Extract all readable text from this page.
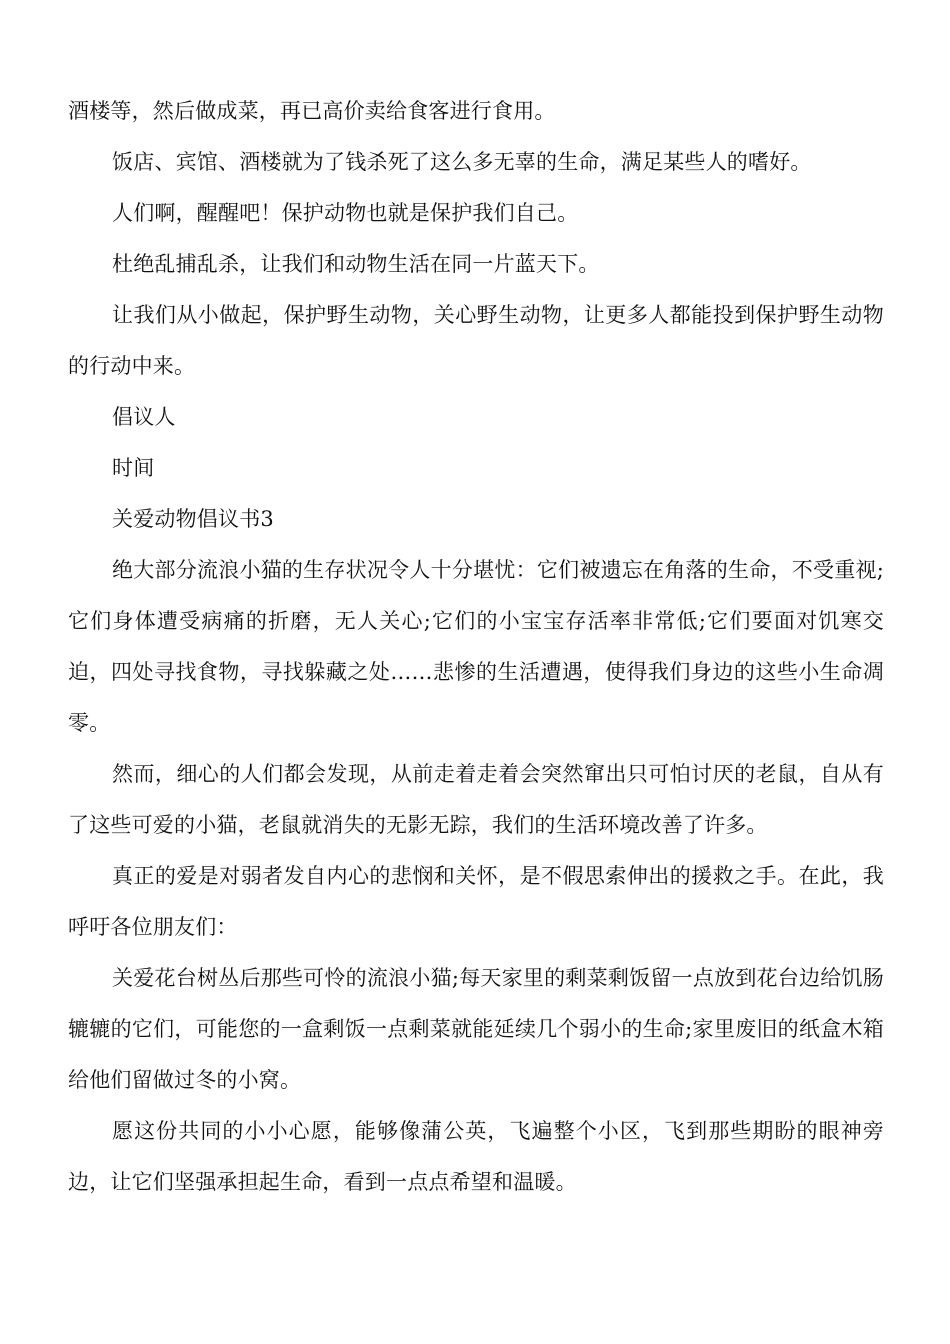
酒楼等，然后做成菜，再已高价卖给食客进行食用。

饭店、宾馆、酒楼就为了钱杀死了这么多无辜的生命，满足某些人的嗜好。

人们啊，醒醒吧！保护动物也就是保护我们自己。

杜绝乱捕乱杀，让我们和动物生活在同一片蓝天下。

让我们从小做起，保护野生动物，关心野生动物，让更多人都能投到保护野生动物的行动中来。

倡议人

时间

关爱动物倡议书3

绝大部分流浪小猫的生存状况令人十分堪忧：它们被遗忘在角落的生命，不受重视;它们身体遭受病痛的折磨，无人关心;它们的小宝宝存活率非常低;它们要面对饥寒交迫，四处寻找食物，寻找躲藏之处……悲惨的生活遭遇，使得我们身边的这些小生命凋零。

然而，细心的人们都会发现，从前走着走着会突然窜出只可怕讨厌的老鼠，自从有了这些可爱的小猫，老鼠就消失的无影无踪，我们的生活环境改善了许多。

真正的爱是对弱者发自内心的悲悯和关怀，是不假思索伸出的援救之手。在此，我呼吁各位朋友们：

关爱花台树丛后那些可怜的流浪小猫;每天家里的剩菜剩饭留一点放到花台边给饥肠辘辘的它们，可能您的一盒剩饭一点剩菜就能延续几个弱小的生命;家里废旧的纸盒木箱给他们留做过冬的小窝。

愿这份共同的小小心愿，能够像蒲公英，飞遍整个小区，飞到那些期盼的眼神旁边，让它们坚强承担起生命，看到一点点希望和温暖。
